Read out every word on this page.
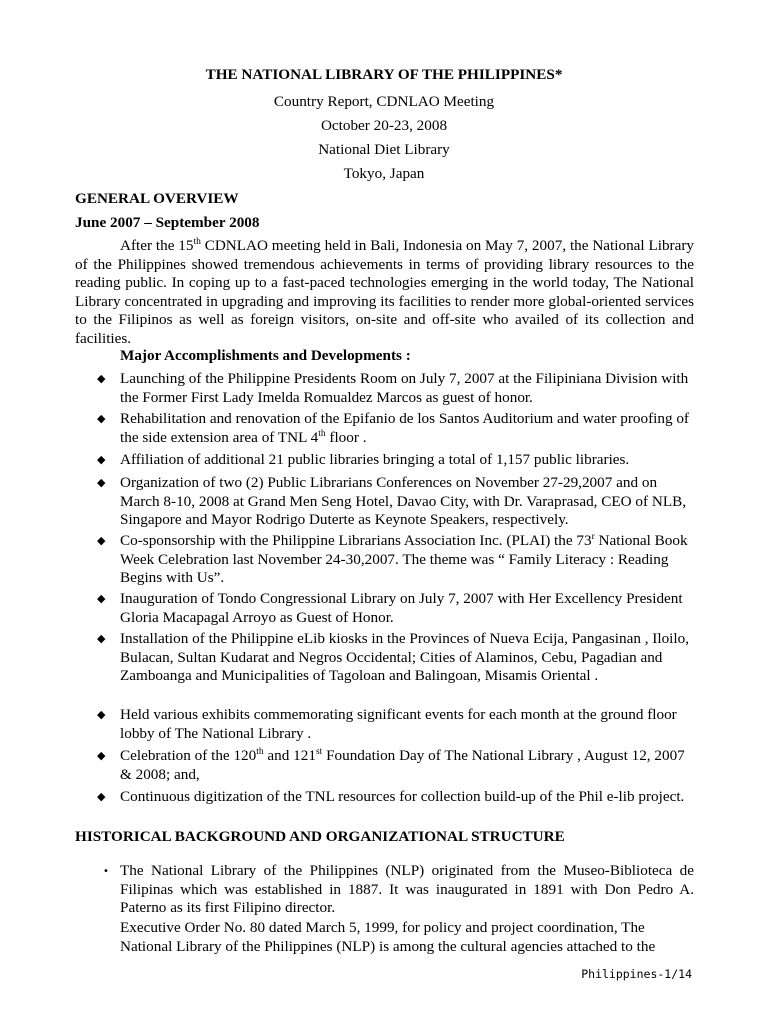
THE NATIONAL LIBRARY OF THE PHILIPPINES*
Country Report, CDNLAO Meeting
October 20-23, 2008
National Diet Library
Tokyo, Japan
GENERAL OVERVIEW
June 2007 – September 2008
After the 15th CDNLAO meeting held in Bali, Indonesia on May 7, 2007, the National Library of the Philippines showed tremendous achievements in terms of providing library resources to the reading public. In coping up to a fast-paced technologies emerging in the world today, The National Library concentrated in upgrading and improving its facilities to render more global-oriented services to the Filipinos as well as foreign visitors, on-site and off-site who availed of its collection and facilities.
Major Accomplishments and Developments :
◆ Launching of the Philippine Presidents Room on July 7, 2007 at the Filipiniana Division with the Former First Lady Imelda Romualdez Marcos as guest of honor.
◆ Rehabilitation and renovation of the Epifanio de los Santos Auditorium and water proofing of the side extension area of TNL 4th floor .
◆ Affiliation of additional 21 public libraries bringing a total of 1,157 public libraries.
◆ Organization of two (2) Public Librarians Conferences on November 27-29,2007 and on March 8-10, 2008 at Grand Men Seng Hotel, Davao City, with Dr. Varaprasad, CEO of NLB, Singapore and Mayor Rodrigo Duterte as Keynote Speakers, respectively.
◆ Co-sponsorship with the Philippine Librarians Association Inc. (PLAI) the 73$^r$ National Book Week Celebration last November 24-30,2007. The theme was “ Family Literacy : Reading Begins with Us”.
◆ Inauguration of Tondo Congressional Library on July 7, 2007 with Her Excellency President Gloria Macapagal Arroyo as Guest of Honor.
◆ Installation of the Philippine eLib kiosks in the Provinces of Nueva Ecija, Pangasinan , Iloilo, Bulacan, Sultan Kudarat and Negros Occidental; Cities of Alaminos, Cebu, Pagadian and Zamboanga and Municipalities of Tagoloan and Balingoan, Misamis Oriental .
◆ Held various exhibits commemorating significant events for each month at the ground floor lobby of The National Library .
◆ Celebration of the 120th and 121st Foundation Day of The National Library , August 12, 2007 & 2008; and,
◆ Continuous digitization of the TNL resources for collection build-up of the Phil e-lib project.
HISTORICAL BACKGROUND AND ORGANIZATIONAL STRUCTURE
• The National Library of the Philippines (NLP) originated from the Museo-Biblioteca de Filipinas which was established in 1887. It was inaugurated in 1891 with Don Pedro A. Paterno as its first Filipino director.
Executive Order No. 80 dated March 5, 1999, for policy and project coordination, The National Library of the Philippines (NLP) is among the cultural agencies attached to the
Philippines-1/14
